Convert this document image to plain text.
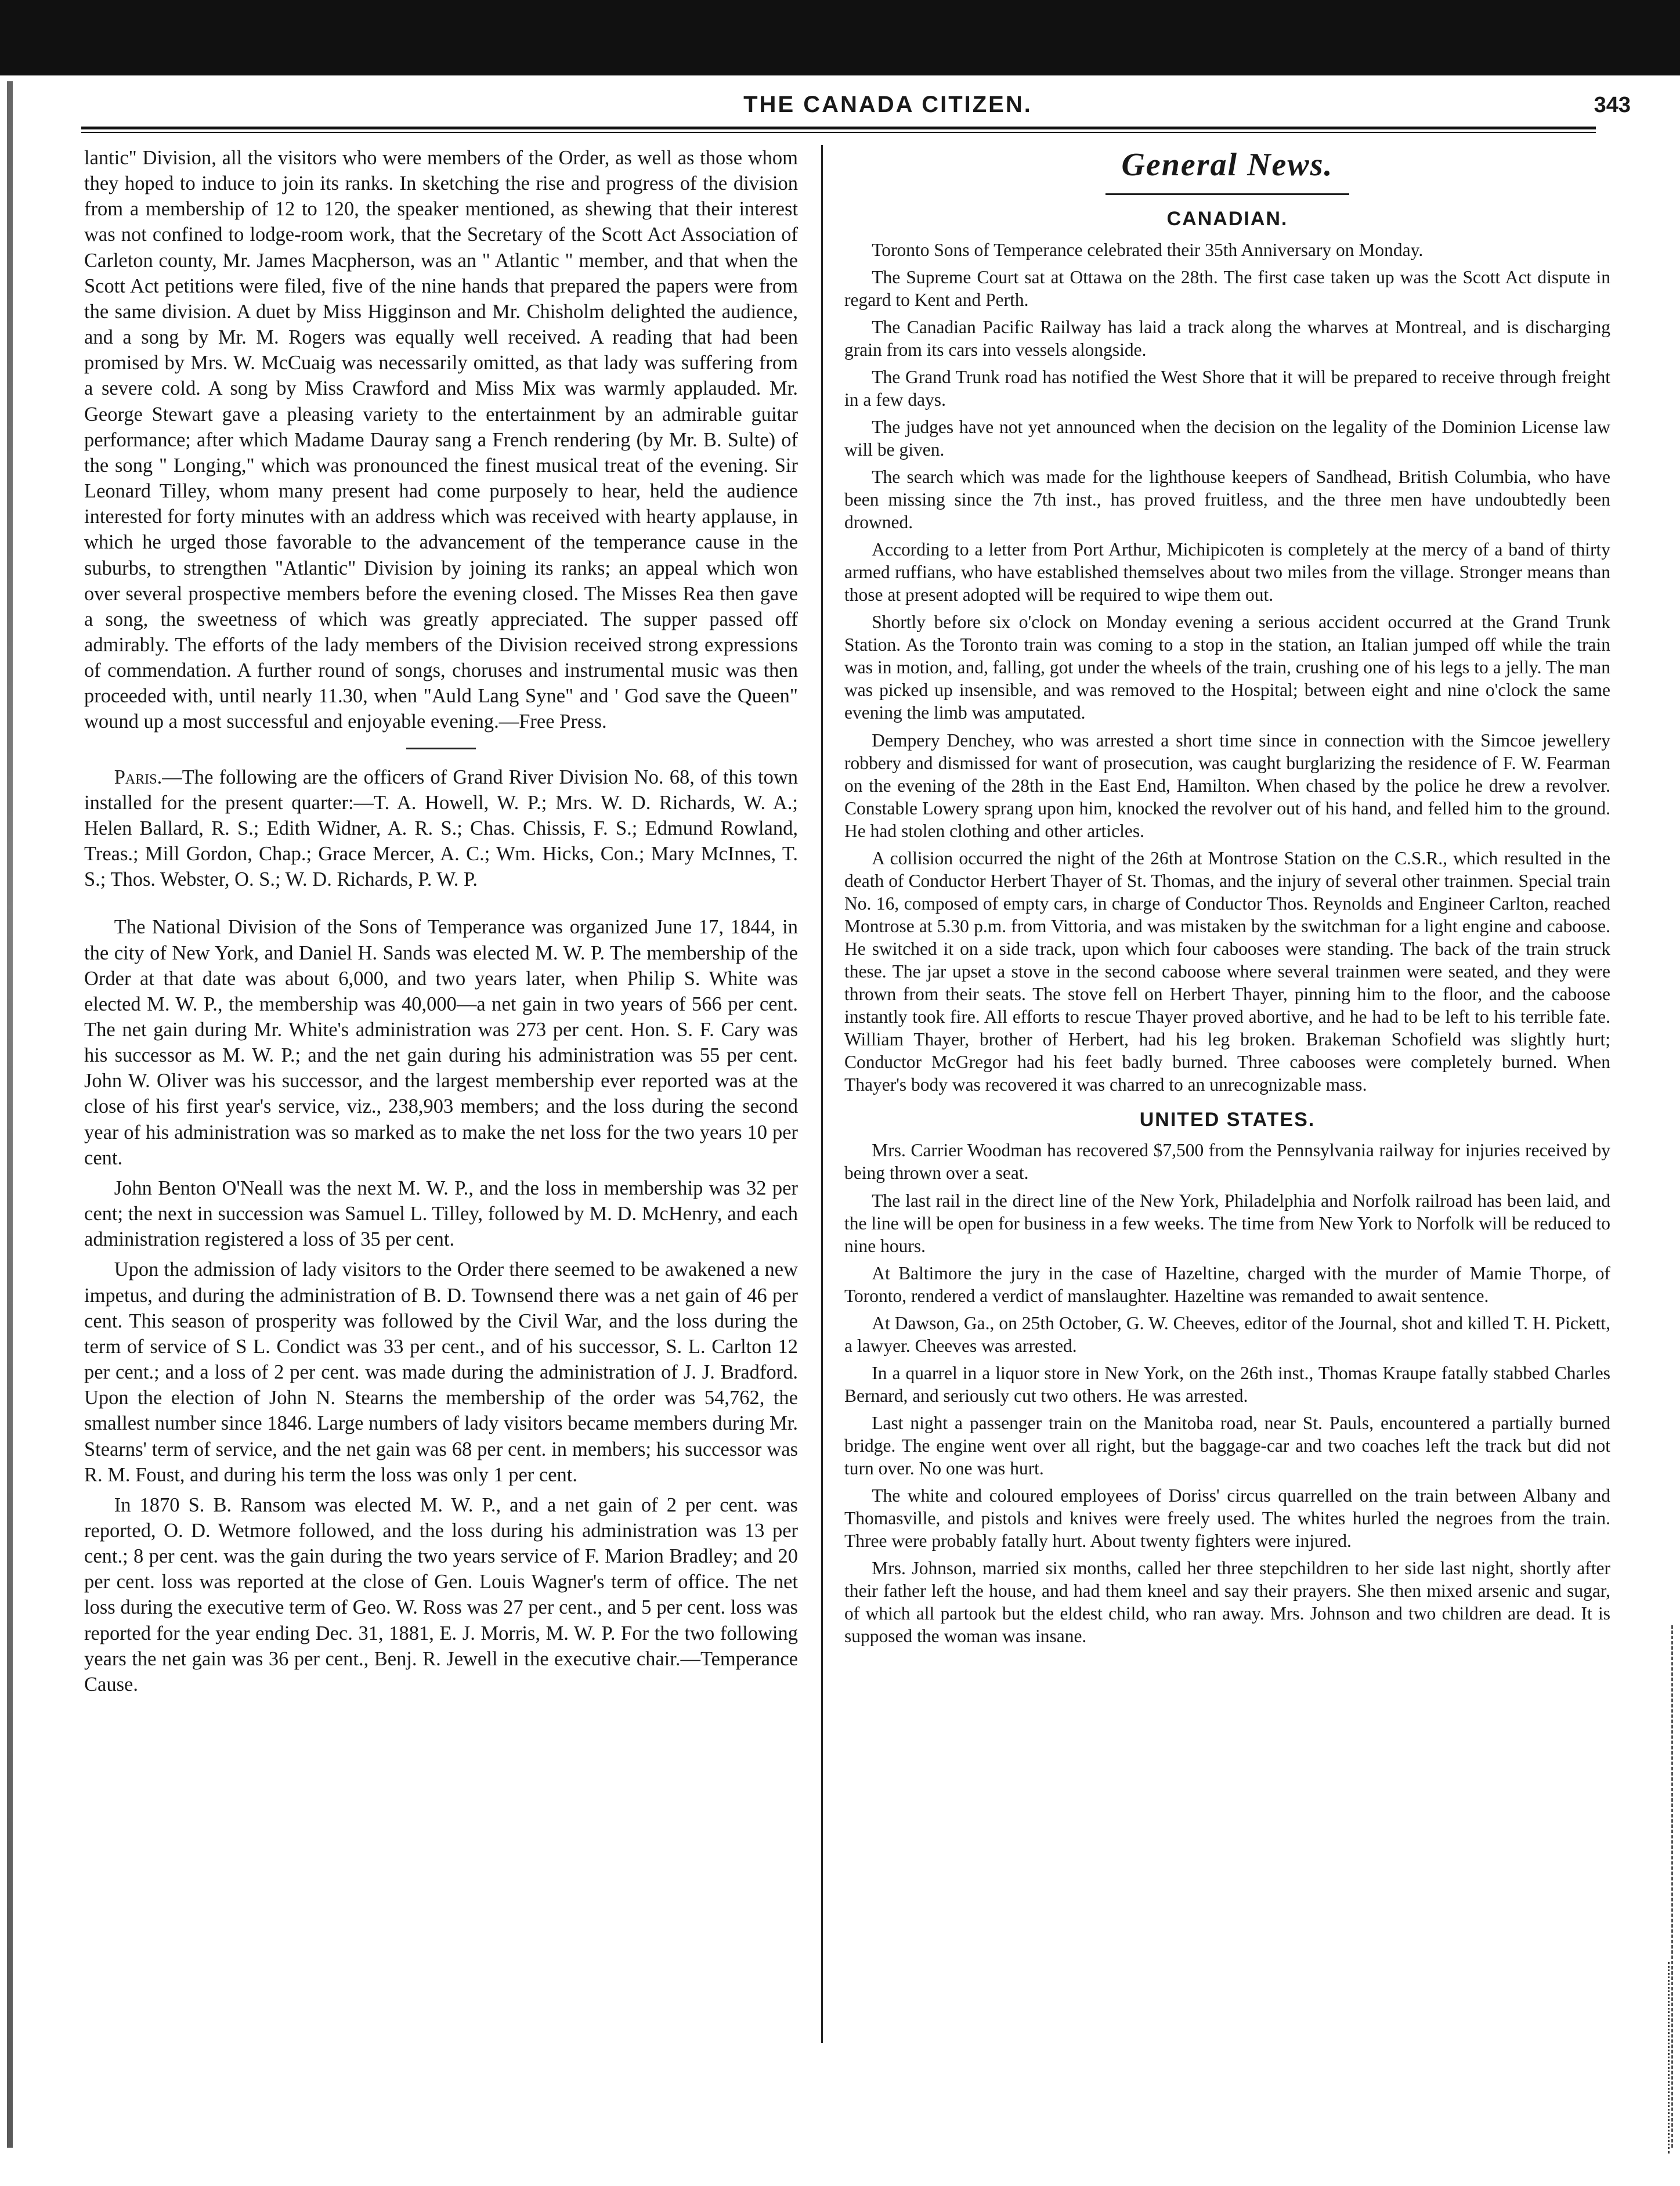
THE CANADA CITIZEN.	343

lantic" Division, all the visitors who were members of the Order, as well as those whom they hoped to induce to join its ranks. In sketching the rise and progress of the division from a membership of 12 to 120, the speaker mentioned, as shewing that their interest was not confined to lodge-room work, that the Secretary of the Scott Act Association of Carleton county, Mr. James Macpherson, was an " Atlantic " member, and that when the Scott Act petitions were filed, five of the nine hands that prepared the papers were from the same division. A duet by Miss Higginson and Mr. Chisholm delighted the audience, and a song by Mr. M. Rogers was equally well received. A reading that had been promised by Mrs. W. McCuaig was necessarily omitted, as that lady was suffering from a severe cold. A song by Miss Crawford and Miss Mix was warmly applauded. Mr. George Stewart gave a pleasing variety to the entertainment by an admirable guitar performance; after which Madame Dauray sang a French rendering (by Mr. B. Sulte) of the song " Longing," which was pronounced the finest musical treat of the evening. Sir Leonard Tilley, whom many present had come purposely to hear, held the audience interested for forty minutes with an address which was received with hearty applause, in which he urged those favorable to the advancement of the temperance cause in the suburbs, to strengthen "Atlantic" Division by joining its ranks; an appeal which won over several prospective members before the evening closed. The Misses Rea then gave a song, the sweetness of which was greatly appreciated. The supper passed off admirably. The efforts of the lady members of the Division received strong expressions of commendation. A further round of songs, choruses and instrumental music was then proceeded with, until nearly 11.30, when "Auld Lang Syne" and ' God save the Queen" wound up a most successful and enjoyable evening.—Free Press.

Paris.—The following are the officers of Grand River Division No. 68, of this town installed for the present quarter:—T. A. Howell, W. P.; Mrs. W. D. Richards, W. A.; Helen Ballard, R. S.; Edith Widner, A. R. S.; Chas. Chissis, F. S.; Edmund Rowland, Treas.; Mill Gordon, Chap.; Grace Mercer, A. C.; Wm. Hicks, Con.; Mary McInnes, T. S.; Thos. Webster, O. S.; W. D. Richards, P. W. P.

The National Division of the Sons of Temperance was organized June 17, 1844, in the city of New York, and Daniel H. Sands was elected M. W. P. The membership of the Order at that date was about 6,000, and two years later, when Philip S. White was elected M. W. P., the membership was 40,000—a net gain in two years of 566 per cent. The net gain during Mr. White's administration was 273 per cent. Hon. S. F. Cary was his successor as M. W. P.; and the net gain during his administration was 55 per cent. John W. Oliver was his successor, and the largest membership ever reported was at the close of his first year's service, viz., 238,903 members; and the loss during the second year of his administration was so marked as to make the net loss for the two years 10 per cent.

John Benton O'Neall was the next M. W. P., and the loss in membership was 32 per cent; the next in succession was Samuel L. Tilley, followed by M. D. McHenry, and each administration registered a loss of 35 per cent.

Upon the admission of lady visitors to the Order there seemed to be awakened a new impetus, and during the administration of B. D. Townsend there was a net gain of 46 per cent. This season of prosperity was followed by the Civil War, and the loss during the term of service of S L. Condict was 33 per cent., and of his successor, S. L. Carlton 12 per cent.; and a loss of 2 per cent. was made during the administration of J. J. Bradford. Upon the election of John N. Stearns the membership of the order was 54,762, the smallest number since 1846. Large numbers of lady visitors became members during Mr. Stearns' term of service, and the net gain was 68 per cent. in members; his successor was R. M. Foust, and during his term the loss was only 1 per cent.

In 1870 S. B. Ransom was elected M. W. P., and a net gain of 2 per cent. was reported, O. D. Wetmore followed, and the loss during his administration was 13 per cent.; 8 per cent. was the gain during the two years service of F. Marion Bradley; and 20 per cent. loss was reported at the close of Gen. Louis Wagner's term of office. The net loss during the executive term of Geo. W. Ross was 27 per cent., and 5 per cent. loss was reported for the year ending Dec. 31, 1881, E. J. Morris, M. W. P. For the two following years the net gain was 36 per cent., Benj. R. Jewell in the executive chair.—Temperance Cause.

General News.
CANADIAN.

Toronto Sons of Temperance celebrated their 35th Anniversary on Monday.

The Supreme Court sat at Ottawa on the 28th. The first case taken up was the Scott Act dispute in regard to Kent and Perth.

The Canadian Pacific Railway has laid a track along the wharves at Montreal, and is discharging grain from its cars into vessels alongside.

The Grand Trunk road has notified the West Shore that it will be prepared to receive through freight in a few days.

The judges have not yet announced when the decision on the legality of the Dominion License law will be given.

The search which was made for the lighthouse keepers of Sandhead, British Columbia, who have been missing since the 7th inst., has proved fruitless, and the three men have undoubtedly been drowned.

According to a letter from Port Arthur, Michipicoten is completely at the mercy of a band of thirty armed ruffians, who have established themselves about two miles from the village. Stronger means than those at present adopted will be required to wipe them out.

Shortly before six o'clock on Monday evening a serious accident occurred at the Grand Trunk Station. As the Toronto train was coming to a stop in the station, an Italian jumped off while the train was in motion, and, falling, got under the wheels of the train, crushing one of his legs to a jelly. The man was picked up insensible, and was removed to the Hospital; between eight and nine o'clock the same evening the limb was amputated.

Dempery Denchey, who was arrested a short time since in connection with the Simcoe jewellery robbery and dismissed for want of prosecution, was caught burglarizing the residence of F. W. Fearman on the evening of the 28th in the East End, Hamilton. When chased by the police he drew a revolver. Constable Lowery sprang upon him, knocked the revolver out of his hand, and felled him to the ground. He had stolen clothing and other articles.

A collision occurred the night of the 26th at Montrose Station on the C.S.R., which resulted in the death of Conductor Herbert Thayer of St. Thomas, and the injury of several other trainmen. Special train No. 16, composed of empty cars, in charge of Conductor Thos. Reynolds and Engineer Carlton, reached Montrose at 5.30 p.m. from Vittoria, and was mistaken by the switchman for a light engine and caboose. He switched it on a side track, upon which four cabooses were standing. The back of the train struck these. The jar upset a stove in the second caboose where several trainmen were seated, and they were thrown from their seats. The stove fell on Herbert Thayer, pinning him to the floor, and the caboose instantly took fire. All efforts to rescue Thayer proved abortive, and he had to be left to his terrible fate. William Thayer, brother of Herbert, had his leg broken. Brakeman Schofield was slightly hurt; Conductor McGregor had his feet badly burned. Three cabooses were completely burned. When Thayer's body was recovered it was charred to an unrecognizable mass.

UNITED STATES.

Mrs. Carrier Woodman has recovered $7,500 from the Pennsylvania railway for injuries received by being thrown over a seat.

The last rail in the direct line of the New York, Philadelphia and Norfolk railroad has been laid, and the line will be open for business in a few weeks. The time from New York to Norfolk will be reduced to nine hours.

At Baltimore the jury in the case of Hazeltine, charged with the murder of Mamie Thorpe, of Toronto, rendered a verdict of manslaughter. Hazeltine was remanded to await sentence.

At Dawson, Ga., on 25th October, G. W. Cheeves, editor of the Journal, shot and killed T. H. Pickett, a lawyer. Cheeves was arrested.

In a quarrel in a liquor store in New York, on the 26th inst., Thomas Kraupe fatally stabbed Charles Bernard, and seriously cut two others. He was arrested.

Last night a passenger train on the Manitoba road, near St. Pauls, encountered a partially burned bridge. The engine went over all right, but the baggage-car and two coaches left the track but did not turn over. No one was hurt.

The white and coloured employees of Doriss' circus quarrelled on the train between Albany and Thomasville, and pistols and knives were freely used. The whites hurled the negroes from the train. Three were probably fatally hurt. About twenty fighters were injured.

Mrs. Johnson, married six months, called her three stepchildren to her side last night, shortly after their father left the house, and had them kneel and say their prayers. She then mixed arsenic and sugar, of which all partook but the eldest child, who ran away. Mrs. Johnson and two children are dead. It is supposed the woman was insane.
